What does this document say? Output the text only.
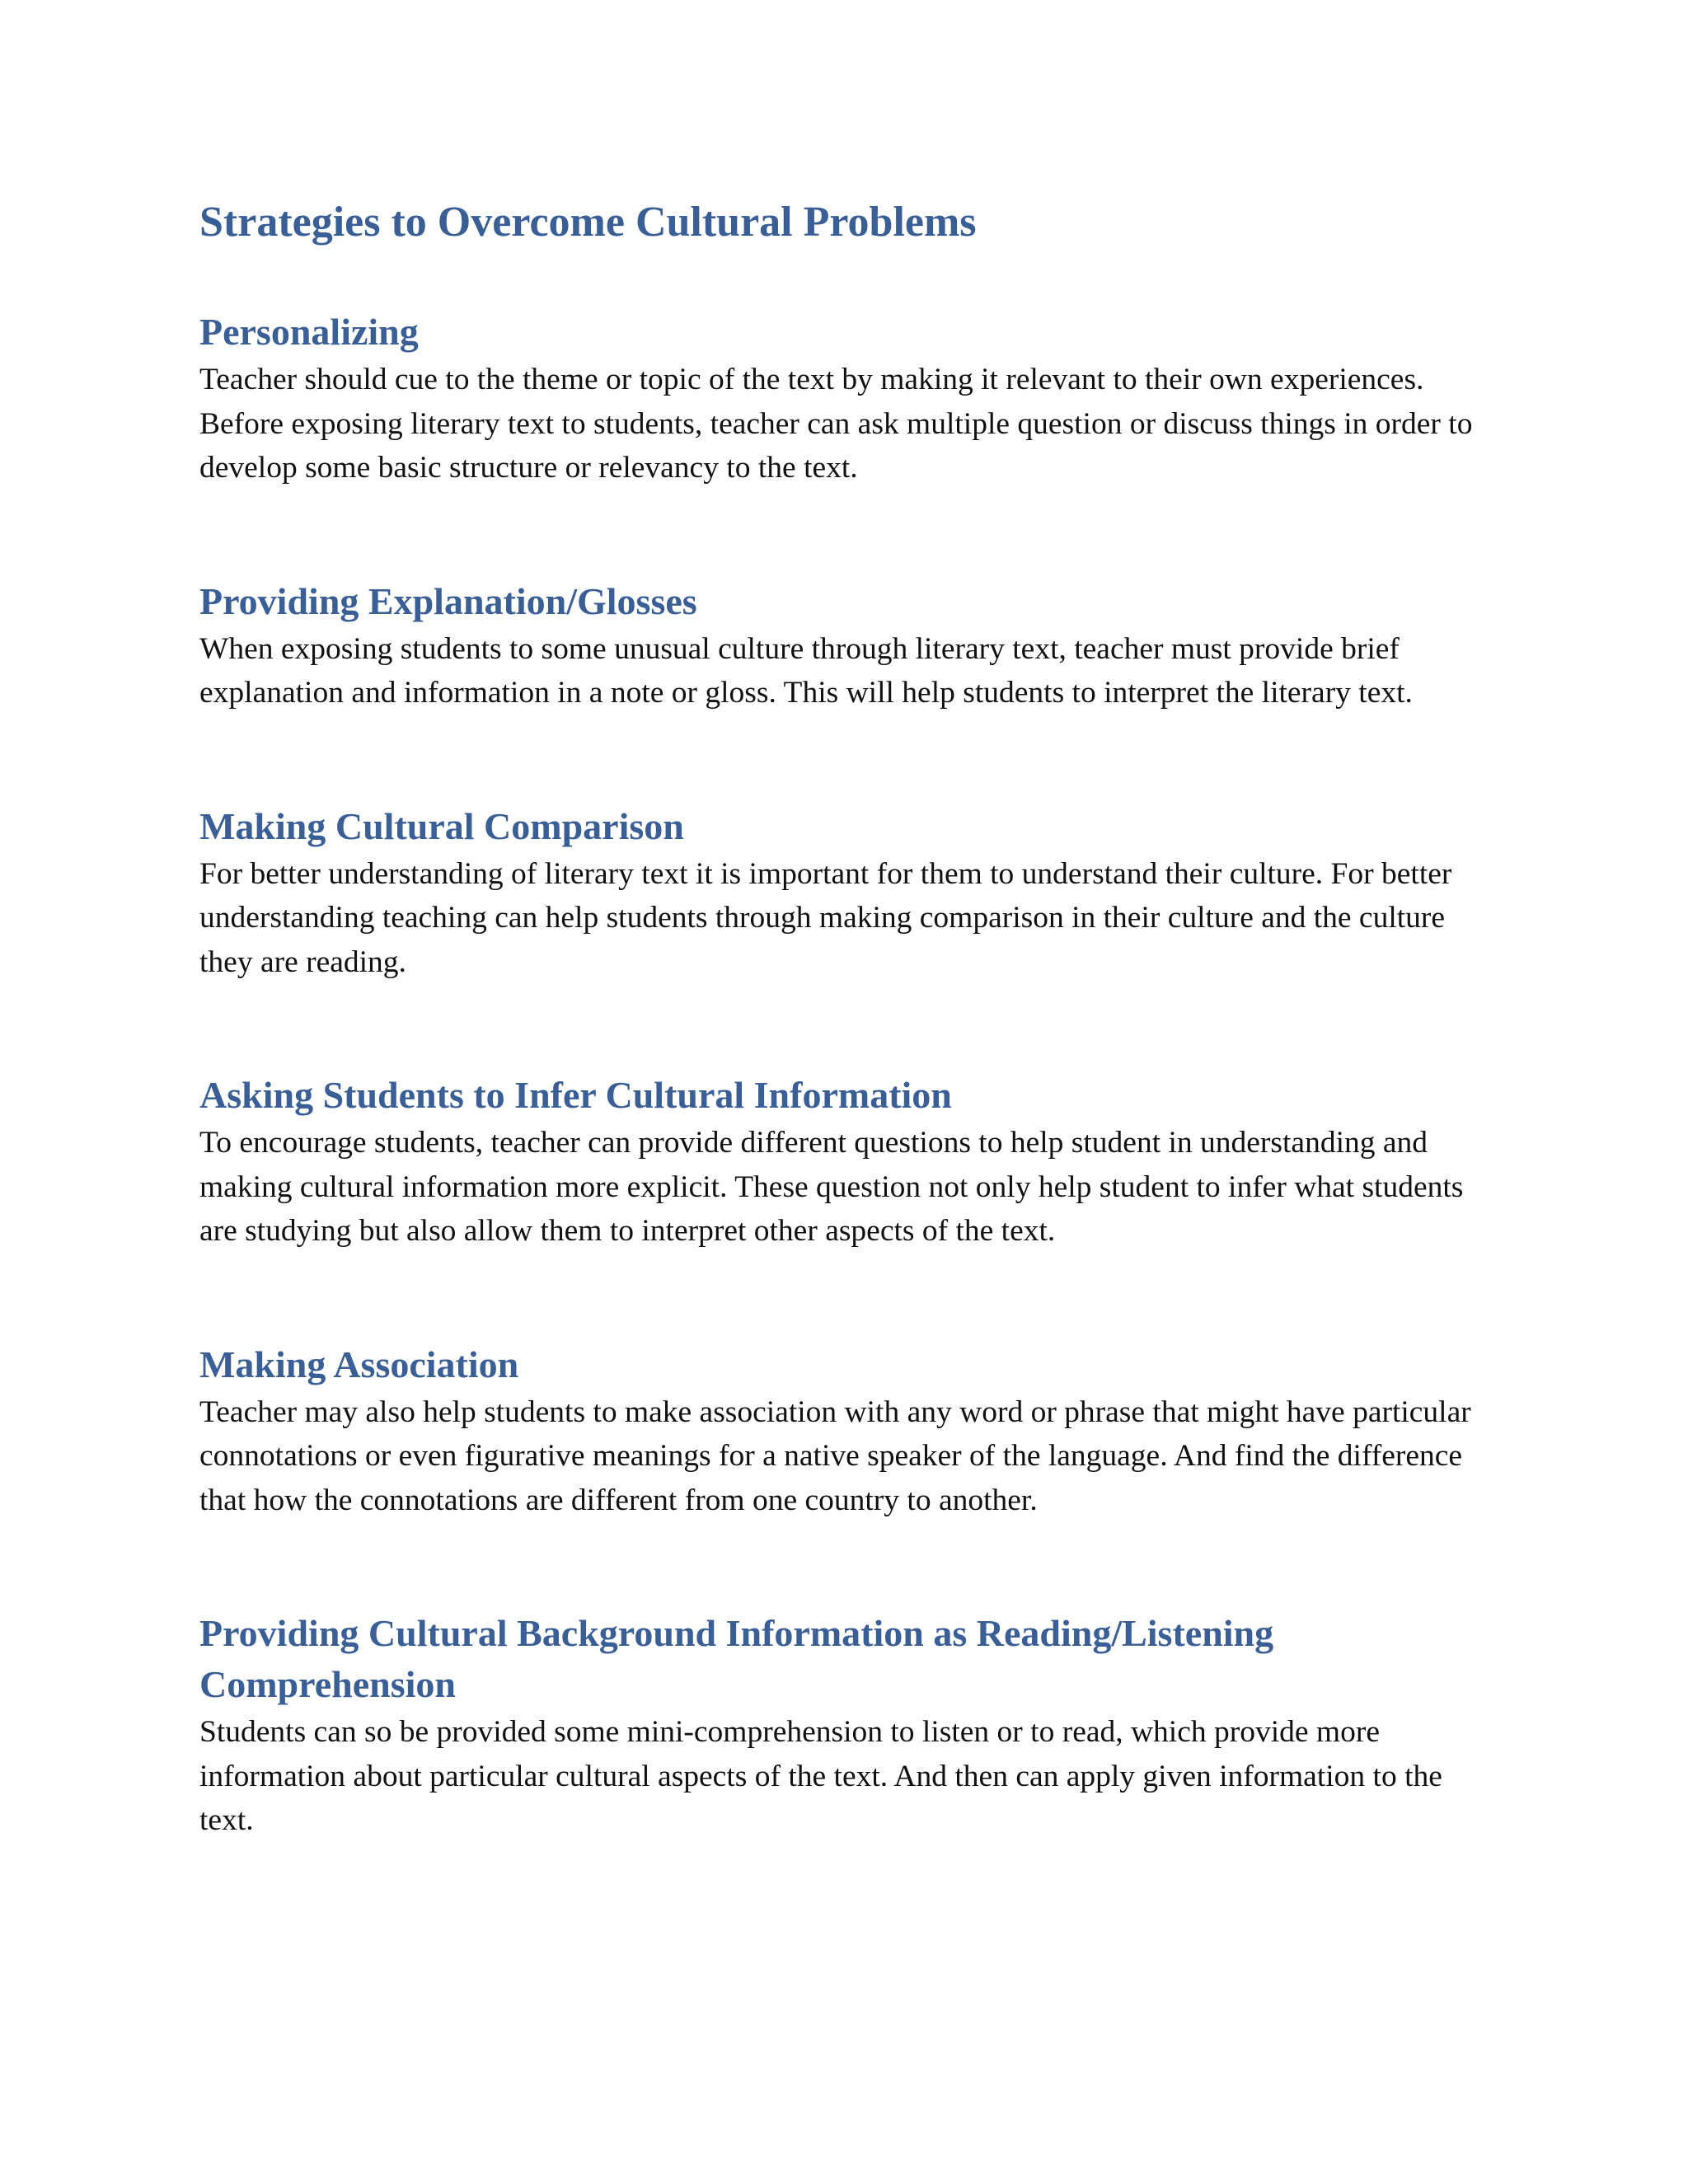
Strategies to Overcome Cultural Problems
Personalizing

Teacher should cue to the theme or topic of the text by making it relevant to their own experiences. Before exposing literary text to students, teacher can ask multiple question or discuss things in order to develop some basic structure or relevancy to the text.

Providing Explanation/Glosses

When exposing students to some unusual culture through literary text, teacher must provide brief explanation and information in a note or gloss. This will help students to interpret the literary text.

Making Cultural Comparison

For better understanding of literary text it is important for them to understand their culture. For better understanding teaching can help students through making comparison in their culture and the culture they are reading.

Asking Students to Infer Cultural Information

To encourage students, teacher can provide different questions to help student in understanding and making cultural information more explicit. These question not only help student to infer what students are studying but also allow them to interpret other aspects of the text.

Making Association

Teacher may also help students to make association with any word or phrase that might have particular connotations or even figurative meanings for a native speaker of the language. And find the difference that how the connotations are different from one country to another.

Providing Cultural Background Information as Reading/Listening Comprehension

Students can so be provided some mini-comprehension to listen or to read, which provide more information about particular cultural aspects of the text. And then can apply given information to the text.
